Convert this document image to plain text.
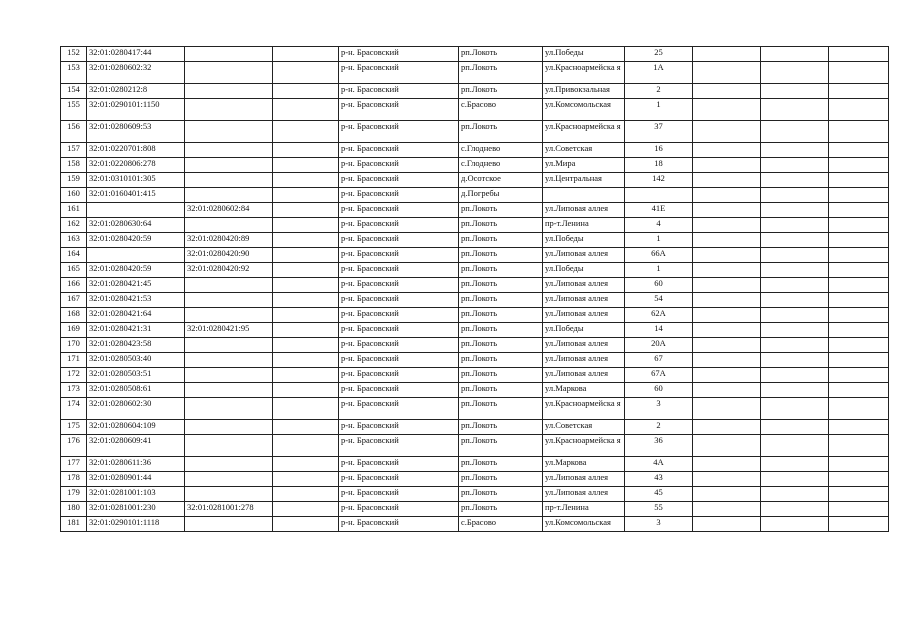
152	32:01:0280417:44			р-н. Брасовский	рп.Локоть	ул.Победы	25			
153	32:01:0280602:32			р-н. Брасовский	рп.Локоть	ул.Красноармейска я	1А			
154	32:01:0280212:8			р-н. Брасовский	рп.Локоть	ул.Привокзальная	2			
155	32:01:0290101:1150			р-н. Брасовский	с.Брасово	ул.Комсомольская	1			
156	32:01:0280609:53			р-н. Брасовский	рп.Локоть	ул.Красноармейска я	37			
157	32:01:0220701:808			р-н. Брасовский	с.Глоднево	ул.Советская	16			
158	32:01:0220806:278			р-н. Брасовский	с.Глоднево	ул.Мира	18			
159	32:01:0310101:305			р-н. Брасовский	д.Осотское	ул.Центральная	142			
160	32:01:0160401:415			р-н. Брасовский	д.Погребы					
161		32:01:0280602:84		р-н. Брасовский	рп.Локоть	ул.Липовая аллея	41Е			
162	32:01:0280630:64			р-н. Брасовский	рп.Локоть	пр-т.Ленина	4			
163	32:01:0280420:59	32:01:0280420:89		р-н. Брасовский	рп.Локоть	ул.Победы	1			
164		32:01:0280420:90		р-н. Брасовский	рп.Локоть	ул.Липовая аллея	66А			
165	32:01:0280420:59	32:01:0280420:92		р-н. Брасовский	рп.Локоть	ул.Победы	1			
166	32:01:0280421:45			р-н. Брасовский	рп.Локоть	ул.Липовая аллея	60			
167	32:01:0280421:53			р-н. Брасовский	рп.Локоть	ул.Липовая аллея	54			
168	32:01:0280421:64			р-н. Брасовский	рп.Локоть	ул.Липовая аллея	62А			
169	32:01:0280421:31	32:01:0280421:95		р-н. Брасовский	рп.Локоть	ул.Победы	14			
170	32:01:0280423:58			р-н. Брасовский	рп.Локоть	ул.Липовая аллея	20А			
171	32:01:0280503:40			р-н. Брасовский	рп.Локоть	ул.Липовая аллея	67			
172	32:01:0280503:51			р-н. Брасовский	рп.Локоть	ул.Липовая аллея	67А			
173	32:01:0280508:61			р-н. Брасовский	рп.Локоть	ул.Маркова	60			
174	32:01:0280602:30			р-н. Брасовский	рп.Локоть	ул.Красноармейска я	3			
175	32:01:0280604:109			р-н. Брасовский	рп.Локоть	ул.Советская	2			
176	32:01:0280609:41			р-н. Брасовский	рп.Локоть	ул.Красноармейска я	36			
177	32:01:0280611:36			р-н. Брасовский	рп.Локоть	ул.Маркова	4А			
178	32:01:0280901:44			р-н. Брасовский	рп.Локоть	ул.Липовая аллея	43			
179	32:01:0281001:103			р-н. Брасовский	рп.Локоть	ул.Липовая аллея	45			
180	32:01:0281001:230	32:01:0281001:278		р-н. Брасовский	рп.Локоть	пр-т.Ленина	55			
181	32:01:0290101:1118			р-н. Брасовский	с.Брасово	ул.Комсомольская	3			
